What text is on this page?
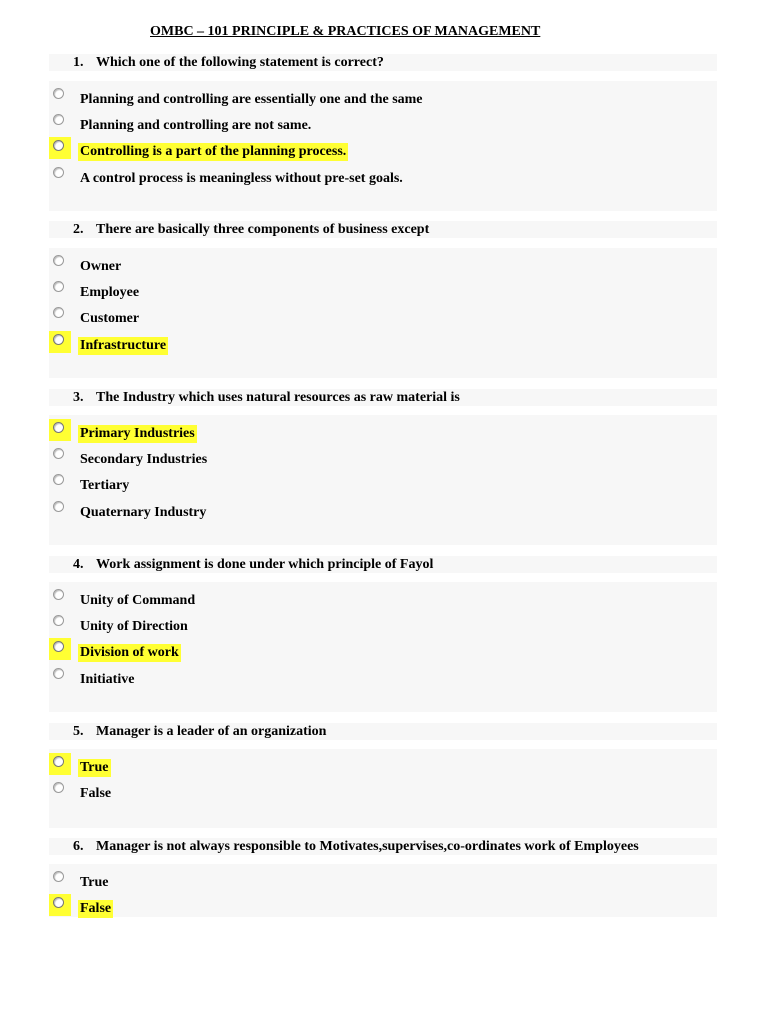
OMBC – 101 PRINCIPLE & PRACTICES OF MANAGEMENT
1. Which one of the following statement is correct?
Planning and controlling are essentially one and the same
Planning and controlling are not same.
Controlling is a part of the planning process.
A control process is meaningless without pre-set goals.
2. There are basically three components of business except
Owner
Employee
Customer
Infrastructure
3. The Industry which uses natural resources as raw material is
Primary Industries
Secondary Industries
Tertiary
Quaternary Industry
4. Work assignment is done under which principle of Fayol
Unity of Command
Unity of Direction
Division of work
Initiative
5. Manager is a leader of an organization
True
False
6. Manager is not always responsible to Motivates,supervises,co-ordinates work of Employees
True
False
